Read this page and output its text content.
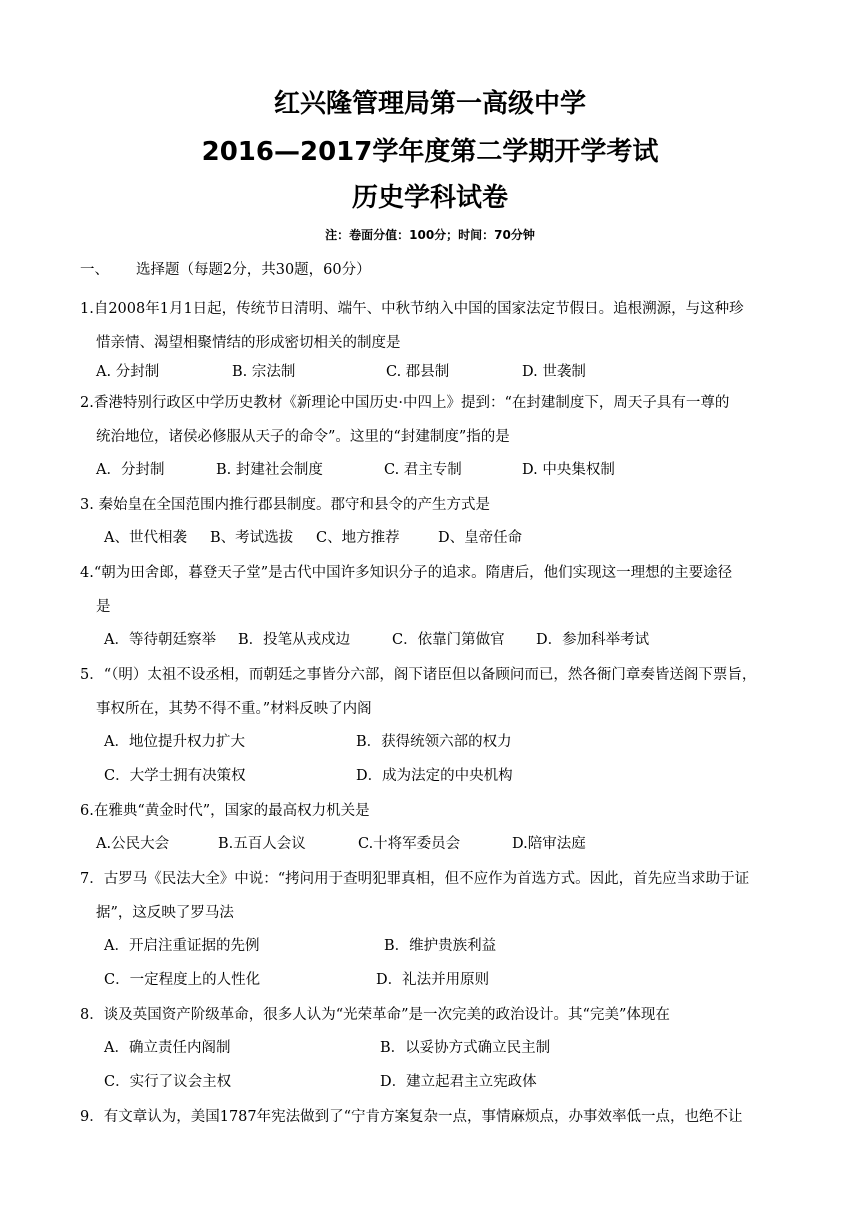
红兴隆管理局第一高级中学
2016—2017学年度第二学期开学考试
历史学科试卷
注：卷面分值：100分；时间：70分钟
一、 选择题（每题2分，共30题，60分）
1.自2008年1月1日起，传统节日清明、端午、中秋节纳入中国的国家法定节假日。追根溯源，与这种珍
惜亲情、渴望相聚情结的形成密切相关的制度是
A. 分封制	B. 宗法制	C. 郡县制	D. 世袭制
2.香港特别行政区中学历史教材《新理论中国历史·中四上》提到：“在封建制度下，周天子具有一尊的
统治地位，诸侯必修服从天子的命令”。这里的“封建制度”指的是
A．分封制	B. 封建社会制度	C. 君主专制	D. 中央集权制
3. 秦始皇在全国范围内推行郡县制度。郡守和县令的产生方式是
A、世代相袭 B、考试选拔 C、地方推荐	D、皇帝任命
4.“朝为田舍郎，暮登天子堂”是古代中国许多知识分子的追求。隋唐后，他们实现这一理想的主要途径
是
A．等待朝廷察举 B．投笔从戎戍边	C．依靠门第做官 D．参加科举考试
5．“（明）太祖不设丞相，而朝廷之事皆分六部，阁下诸臣但以备顾问而已，然各衙门章奏皆送阁下票旨，
事权所在，其势不得不重。”材料反映了内阁
A．地位提升权力扩大	B．获得统领六部的权力
C．大学士拥有决策权	D．成为法定的中央机构
6.在雅典“黄金时代”，国家的最高权力机关是
A.公民大会	B.五百人会议	C.十将军委员会	D.陪审法庭
7．古罗马《民法大全》中说：“拷问用于查明犯罪真相，但不应作为首选方式。因此，首先应当求助于证
据”，这反映了罗马法
A．开启注重证据的先例	B．维护贵族利益
C．一定程度上的人性化	D．礼法并用原则
8．谈及英国资产阶级革命，很多人认为“光荣革命”是一次完美的政治设计。其“完美”体现在
A．确立责任内阁制	B．以妥协方式确立民主制
C．实行了议会主权	D．建立起君主立宪政体
9．有文章认为，美国1787年宪法做到了“宁肯方案复杂一点，事情麻烦点，办事效率低一点，也绝不让
